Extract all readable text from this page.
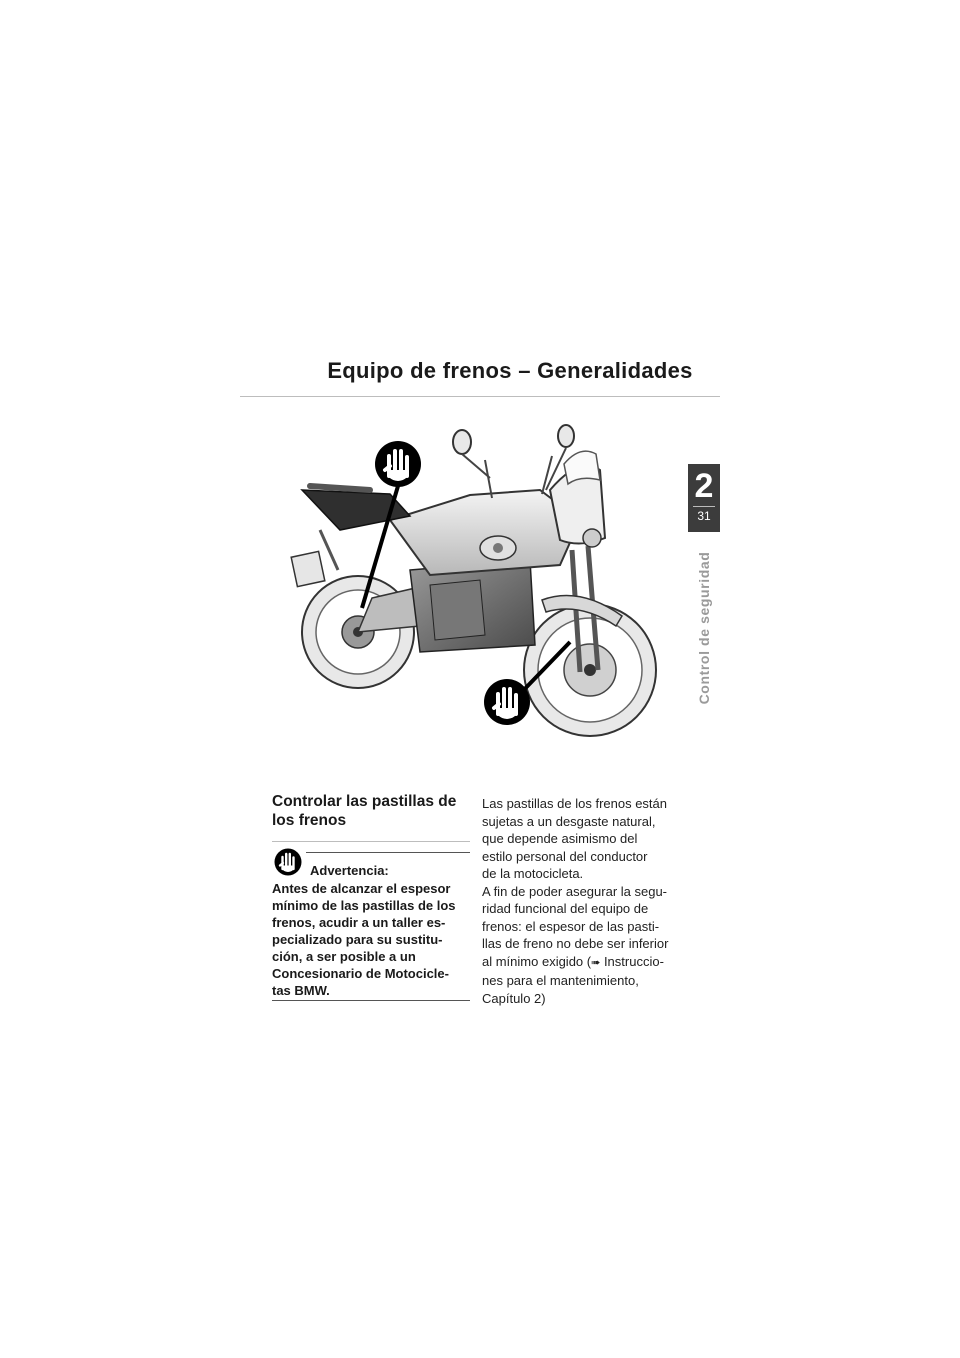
Equipo de frenos – Generalidades
2
31
Control de seguridad
Controlar las pastillas de
los frenos
Advertencia:
Antes de alcanzar el espesor
mínimo de las pastillas de los
frenos, acudir a un taller es-
pecializado para su sustitu-
ción, a ser posible a un
Concesionario de Motocicle-
tas BMW.
Las pastillas de los frenos están
sujetas a un desgaste natural,
que depende asimismo del
estilo personal del conductor
de la motocicleta.
A fin de poder asegurar la segu-
ridad funcional del equipo de
frenos: el espesor de las pasti-
llas de freno no debe ser inferior
al mínimo exigido (➠ Instruccio-
nes para el mantenimiento,
Capítulo 2)
